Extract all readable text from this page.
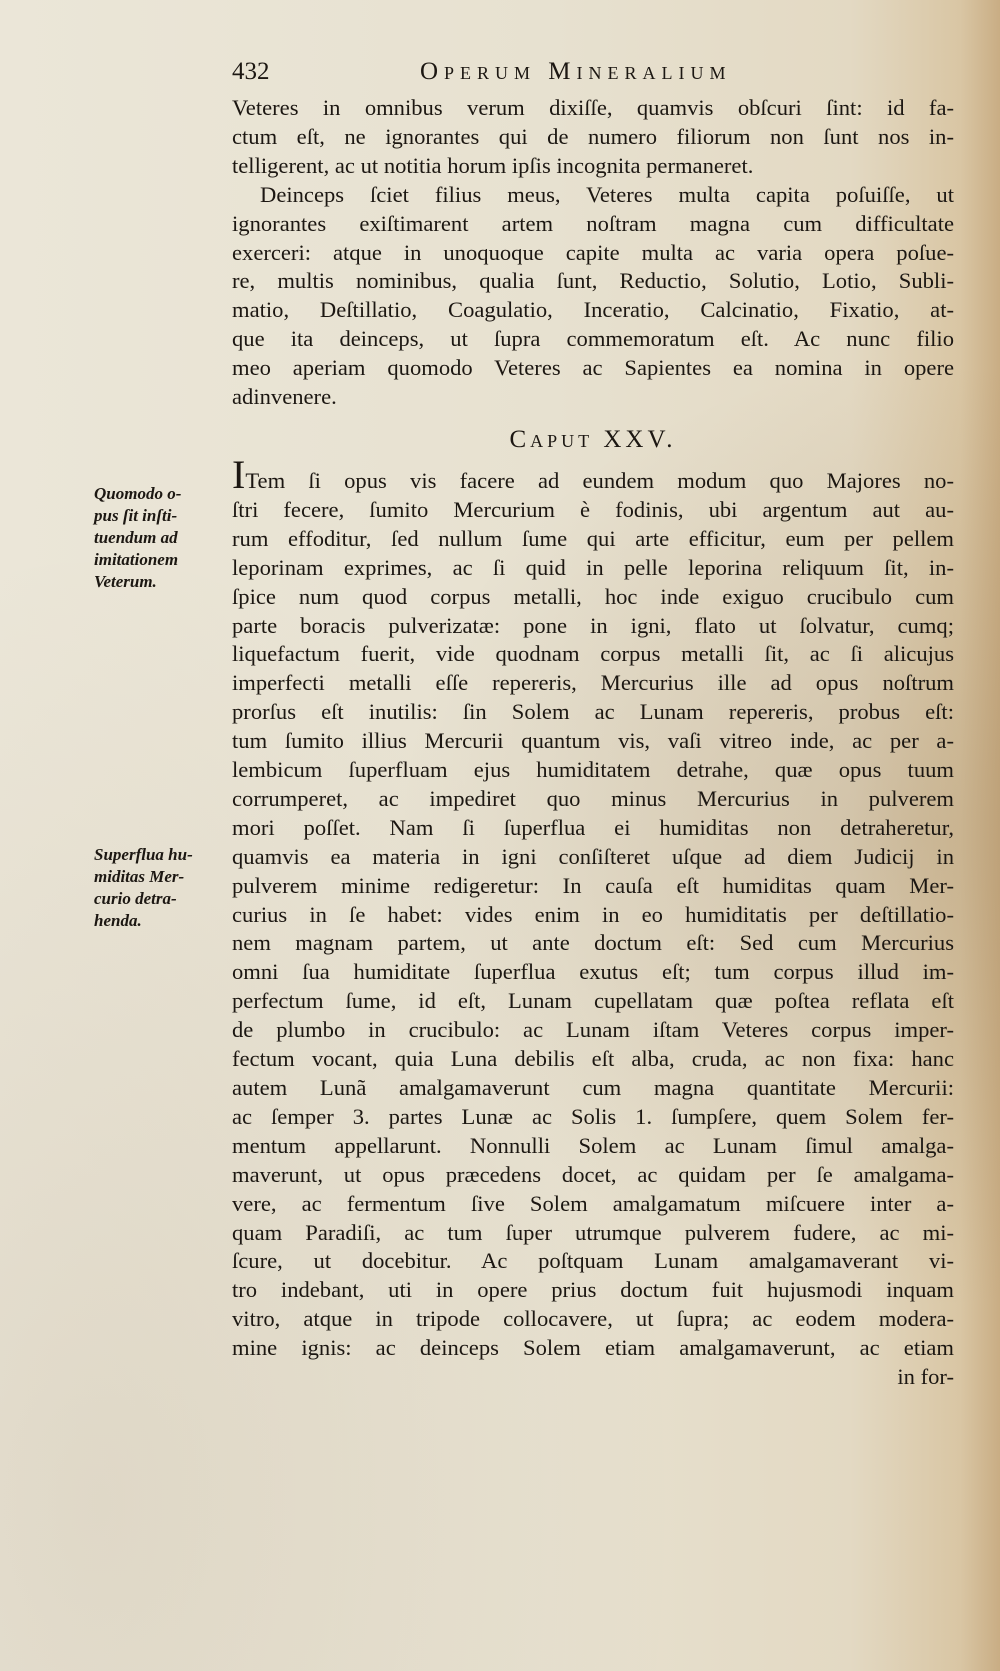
432	Operum Mineralium
Quomodo o-
pus ſit inſti-
tuendum ad
imitationem
Veterum.
Superflua hu-
miditas Mer-
curio detra-
henda.

Veteres in omnibus verum dixiſſe, quamvis obſcuri ſint: id fa-
ctum eſt, ne ignorantes qui de numero filiorum non ſunt nos in-
telligerent, ac ut notitia horum ipſis incognita permaneret.

Deinceps ſciet filius meus, Veteres multa capita poſuiſſe, ut
ignorantes exiſtimarent artem noſtram magna cum difficultate
exerceri: atque in unoquoque capite multa ac varia opera poſue-
re, multis nominibus, qualia ſunt, Reductio, Solutio, Lotio, Subli-
matio, Deſtillatio, Coagulatio, Inceratio, Calcinatio, Fixatio, at-
que ita deinceps, ut ſupra commemoratum eſt. Ac nunc filio
meo aperiam quomodo Veteres ac Sapientes ea nomina in opere
adinvenere.

Caput XXV.

ITem ſi opus vis facere ad eundem modum quo Majores no-
ſtri fecere, ſumito Mercurium è fodinis, ubi argentum aut au-
rum effoditur, ſed nullum ſume qui arte efficitur, eum per pellem
leporinam exprimes, ac ſi quid in pelle leporina reliquum ſit, in-
ſpice num quod corpus metalli, hoc inde exiguo crucibulo cum
parte boracis pulverizatæ: pone in igni, flato ut ſolvatur, cumq;
liquefactum fuerit, vide quodnam corpus metalli ſit, ac ſi alicujus
imperfecti metalli eſſe repereris, Mercurius ille ad opus noſtrum
prorſus eſt inutilis: ſin Solem ac Lunam repereris, probus eſt:
tum ſumito illius Mercurii quantum vis, vaſi vitreo inde, ac per a-
lembicum ſuperfluam ejus humiditatem detrahe, quæ opus tuum
corrumperet, ac impediret quo minus Mercurius in pulverem
mori poſſet. Nam ſi ſuperflua ei humiditas non detraheretur,
quamvis ea materia in igni conſiſteret uſque ad diem Judicij in
pulverem minime redigeretur: In cauſa eſt humiditas quam Mer-
curius in ſe habet: vides enim in eo humiditatis per deſtillatio-
nem magnam partem, ut ante doctum eſt: Sed cum Mercurius
omni ſua humiditate ſuperflua exutus eſt; tum corpus illud im-
perfectum ſume, id eſt, Lunam cupellatam quæ poſtea reflata eſt
de plumbo in crucibulo: ac Lunam iſtam Veteres corpus imper-
fectum vocant, quia Luna debilis eſt alba, cruda, ac non fixa: hanc
autem Lunã amalgamaverunt cum magna quantitate Mercurii:
ac ſemper 3. partes Lunæ ac Solis 1. ſumpſere, quem Solem fer-
mentum appellarunt. Nonnulli Solem ac Lunam ſimul amalga-
maverunt, ut opus præcedens docet, ac quidam per ſe amalgama-
vere, ac fermentum ſive Solem amalgamatum miſcuere inter a-
quam Paradiſi, ac tum ſuper utrumque pulverem fudere, ac mi-
ſcure, ut docebitur. Ac poſtquam Lunam amalgamaverant vi-
tro indebant, uti in opere prius doctum fuit hujusmodi inquam
vitro, atque in tripode collocavere, ut ſupra; ac eodem modera-
mine ignis: ac deinceps Solem etiam amalgamaverunt, ac etiam
in for-
